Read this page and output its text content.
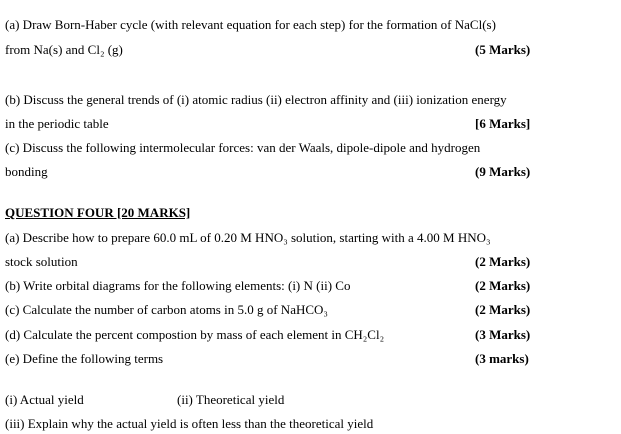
(a) Draw Born-Haber cycle (with relevant equation for each step) for the formation of NaCl(s)
from Na(s) and Cl₂ (g)	(5 Marks)
(b) Discuss the general trends of (i) atomic radius (ii) electron affinity and (iii) ionization energy
in the periodic table	[6 Marks]
(c) Discuss the following intermolecular forces: van der Waals, dipole-dipole and hydrogen
bonding	(9 Marks)
QUESTION FOUR [20 MARKS]
(a) Describe how to prepare 60.0 mL of 0.20 M HNO₃ solution, starting with a 4.00 M HNO₃
stock solution	(2 Marks)
(b) Write orbital diagrams for the following elements: (i) N (ii) Co	(2 Marks)
(c) Calculate the number of carbon atoms in 5.0 g of NaHCO₃	(2 Marks)
(d) Calculate the percent compostion by mass of each element in CH₂Cl₂	(3 Marks)
(e) Define the following terms	(3 marks)
(i) Actual yield	(ii) Theoretical yield
(iii) Explain why the actual yield is often less than the theoretical yield
